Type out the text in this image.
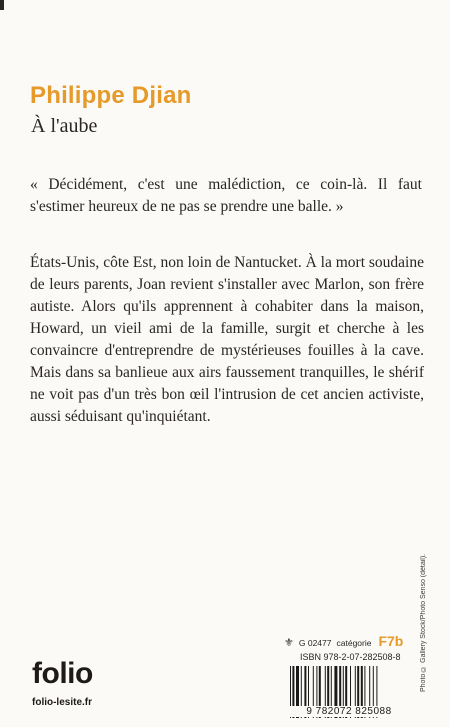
Philippe Djian
À l'aube

« Décidément, c'est une malédiction, ce coin-là. Il faut s'estimer heureux de ne pas se prendre une balle. »

États-Unis, côte Est, non loin de Nantucket. À la mort soudaine de leurs parents, Joan revient s'installer avec Marlon, son frère autiste. Alors qu'ils apprennent à cohabiter dans la maison, Howard, un vieil ami de la famille, surgit et cherche à les convaincre d'entreprendre de mystérieuses fouilles à la cave. Mais dans sa banlieue aux airs faussement tranquilles, le shérif ne voit pas d'un très bon œil l'intrusion de cet ancien activiste, aussi séduisant qu'inquiétant.

Photo © Gallery Stock/Photo Senso (détail).
⚜ G 02477 catégorie F7b
ISBN 978-2-07-282508-8
9 782072 825088
folio
folio-lesite.fr
